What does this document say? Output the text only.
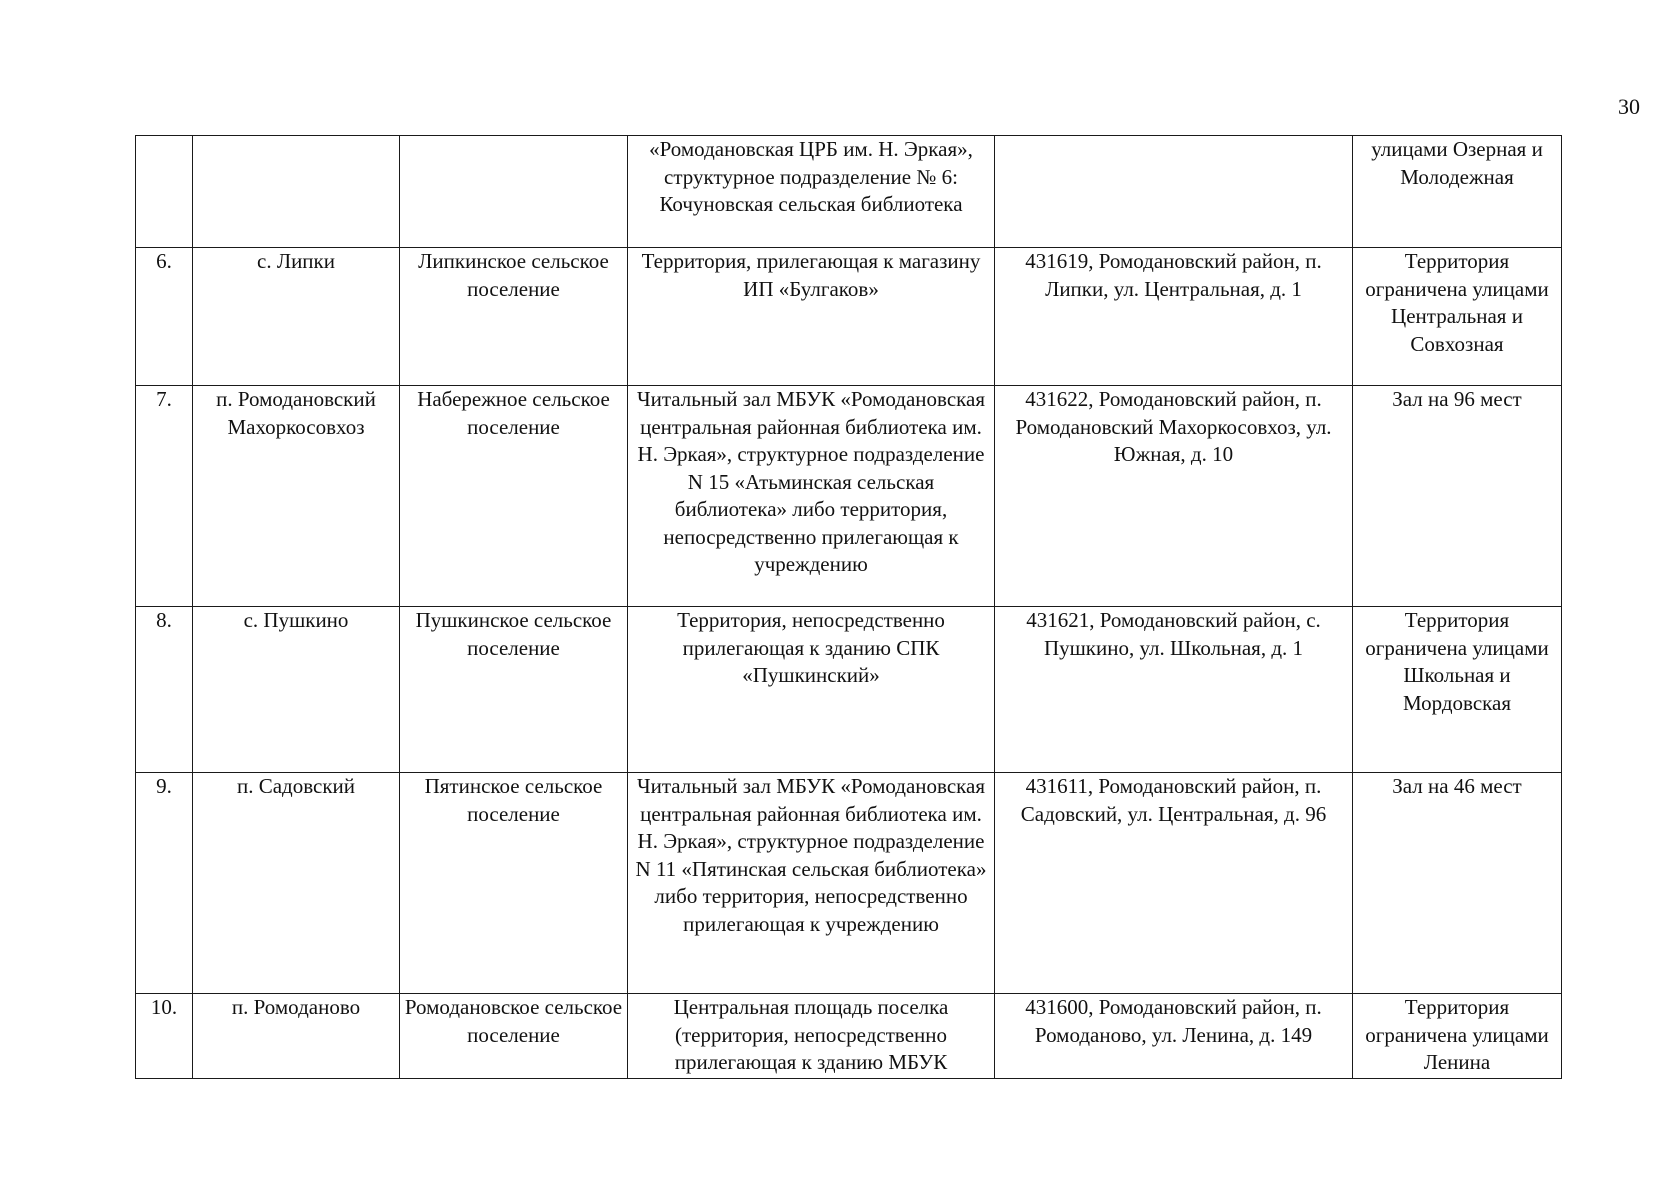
30

			«Ромодановская ЦРБ им. Н. Эркая», структурное подразделение № 6: Кочуновская сельская библиотека		улицами Озерная и Молодежная

6.	с. Липки	Липкинское сельское поселение	Территория, прилегающая к магазину ИП «Булгаков»	431619, Ромодановский район, п. Липки, ул. Центральная, д. 1	Территория ограничена улицами Центральная и Совхозная

7.	п. Ромодановский Махоркосовхоз	Набережное сельское поселение	Читальный зал МБУК «Ромодановская центральная районная библиотека им. Н. Эркая», структурное подразделение N 15 «Атьминская сельская библиотека» либо территория, непосредственно прилегающая к учреждению	431622, Ромодановский район, п. Ромодановский Махоркосовхоз, ул. Южная, д. 10	Зал на 96 мест

8.	с. Пушкино	Пушкинское сельское поселение	Территория, непосредственно прилегающая к зданию СПК «Пушкинский»	431621, Ромодановский район, с. Пушкино, ул. Школьная, д. 1	Территория ограничена улицами Школьная и Мордовская

9.	п. Садовский	Пятинское сельское поселение	Читальный зал МБУК «Ромодановская центральная районная библиотека им. Н. Эркая», структурное подразделение N 11 «Пятинская сельская библиотека» либо территория, непосредственно прилегающая к учреждению	431611, Ромодановский район, п. Садовский, ул. Центральная, д. 96	Зал на 46 мест

10.	п. Ромоданово	Ромодановское сельское поселение	Центральная площадь поселка (территория, непосредственно прилегающая к зданию МБУК	431600, Ромодановский район, п. Ромоданово, ул. Ленина, д. 149	Территория ограничена улицами Ленина
